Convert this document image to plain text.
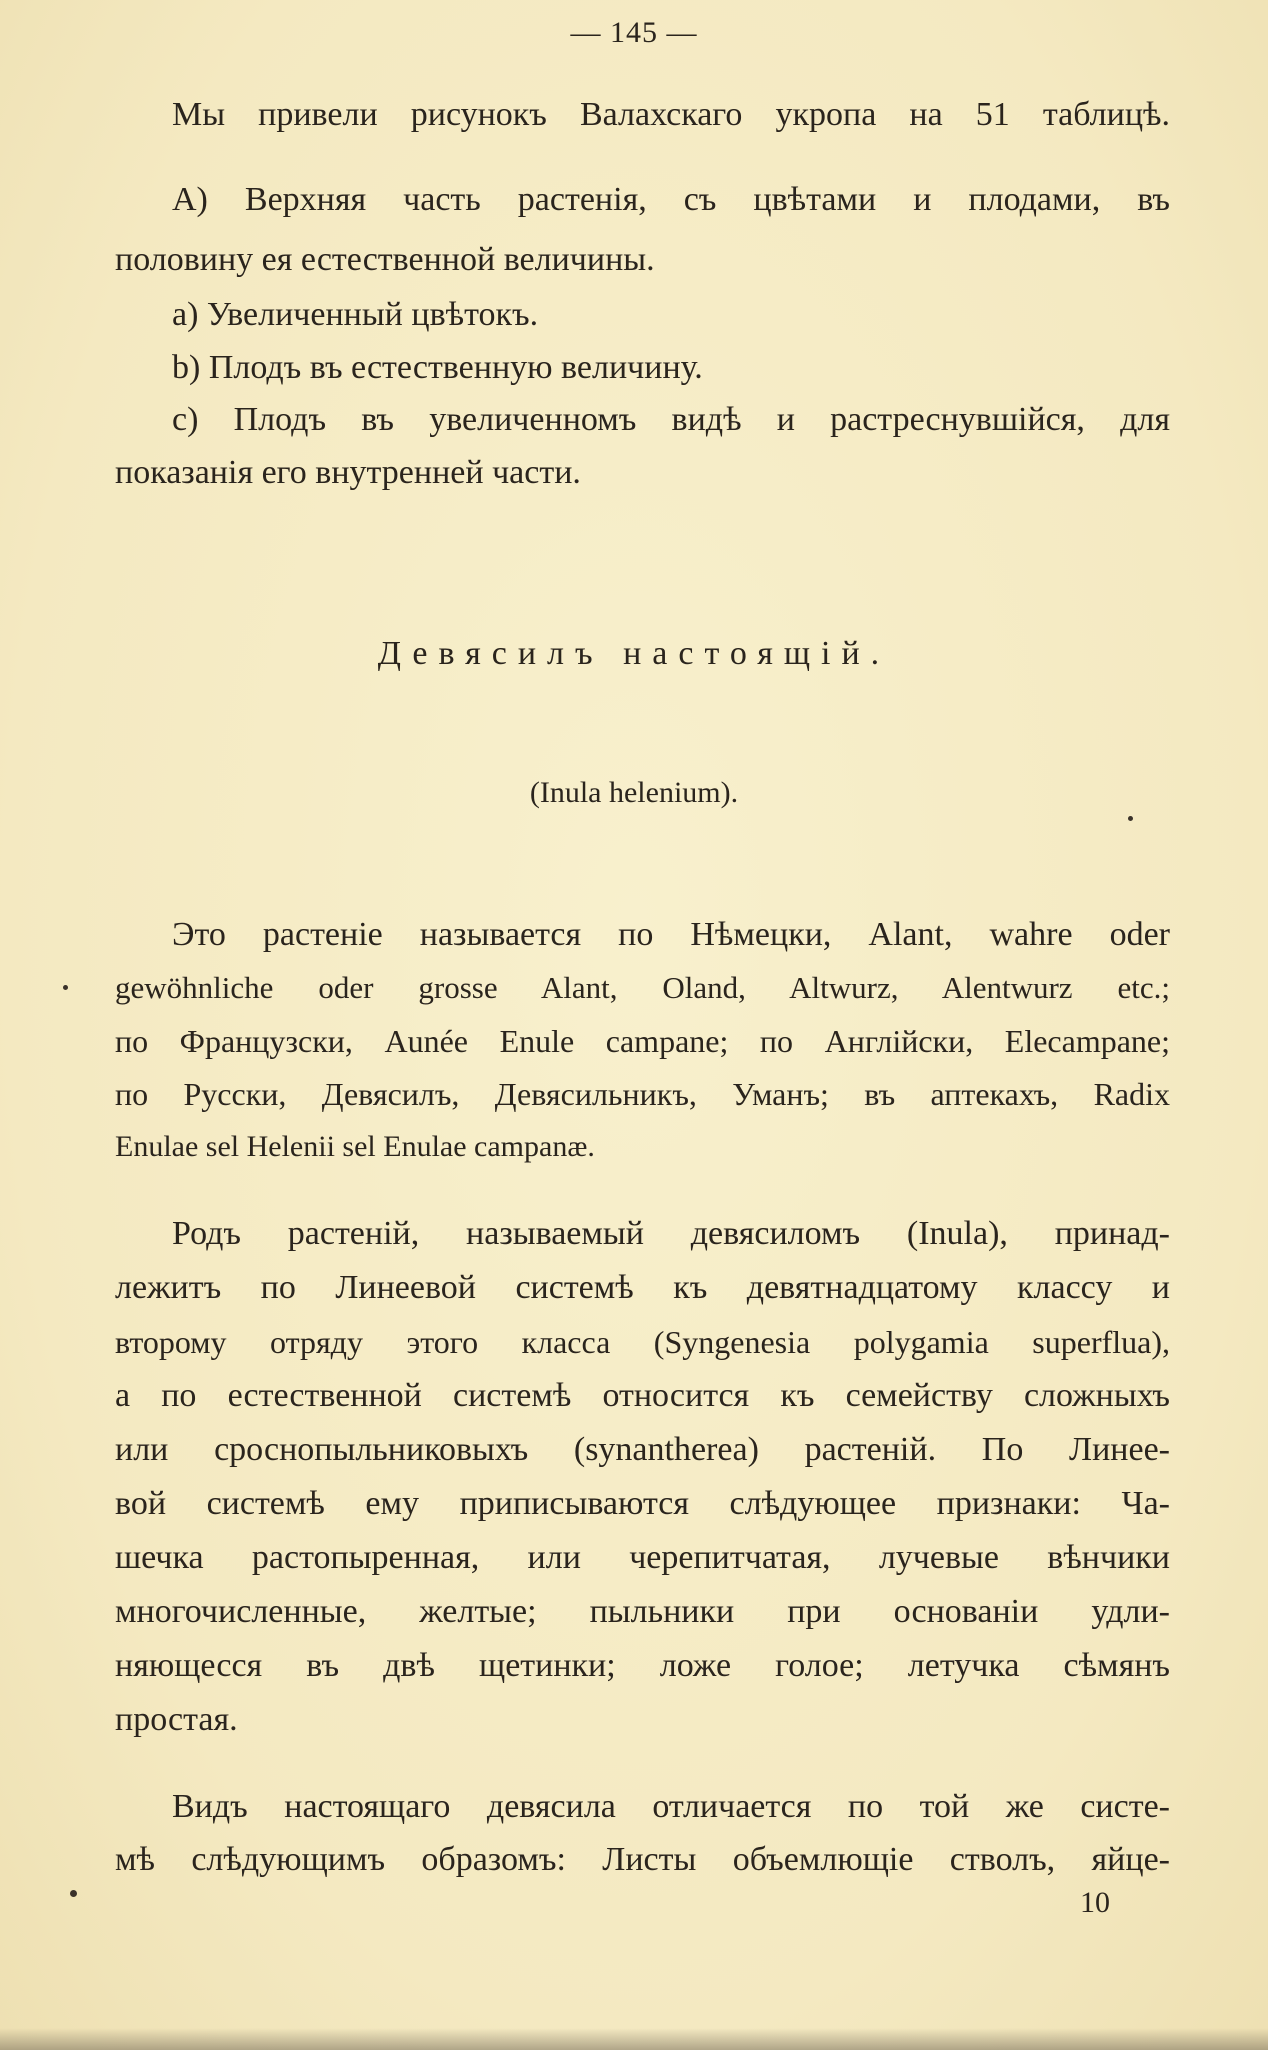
— 145 —
Мы привели рисунокъ Валахскаго укропа на 51 таблицѣ.
А) Верхняя часть растенія, съ цвѣтами и плодами, въ
половину ея естественной величины.
а) Увеличенный цвѣтокъ.
b) Плодъ въ естественную величину.
с) Плодъ въ увеличенномъ видѣ и растреснувшійся, для
показанія его внутренней части.
Девясилъ настоящій.
(Inula helenium).
Это растеніе называется по Нѣмецки, Alant, wahre oder
gewöhnliche oder grosse Alant, Oland, Altwurz, Alentwurz etc.;
по Французски, Aunée Enule campane; по Англійски, Elecampane;
по Русски, Девясилъ, Девясильникъ, Уманъ; въ аптекахъ, Radix
Enulae sel Helenii sel Enulae campanæ.
Родъ растеній, называемый девясиломъ (Inula), принад-
лежитъ по Линеевой системѣ къ девятнадцатому классу и
второму отряду этого класса (Syngenesia polygamia superflua),
а по естественной системѣ относится къ семейству сложныхъ
или сроснопыльниковыхъ (synantherea) растеній. По Линее-
вой системѣ ему приписываются слѣдующее признаки: Ча-
шечка растопыренная, или черепитчатая, лучевые вѣнчики
многочисленные, желтые; пыльники при основаніи удли-
няющесся въ двѣ щетинки; ложе голое; летучка сѣмянъ
простая.
Видъ настоящаго девясила отличается по той же систе-
мѣ слѣдующимъ образомъ: Листы объемлющіе стволъ, яйце-
10
